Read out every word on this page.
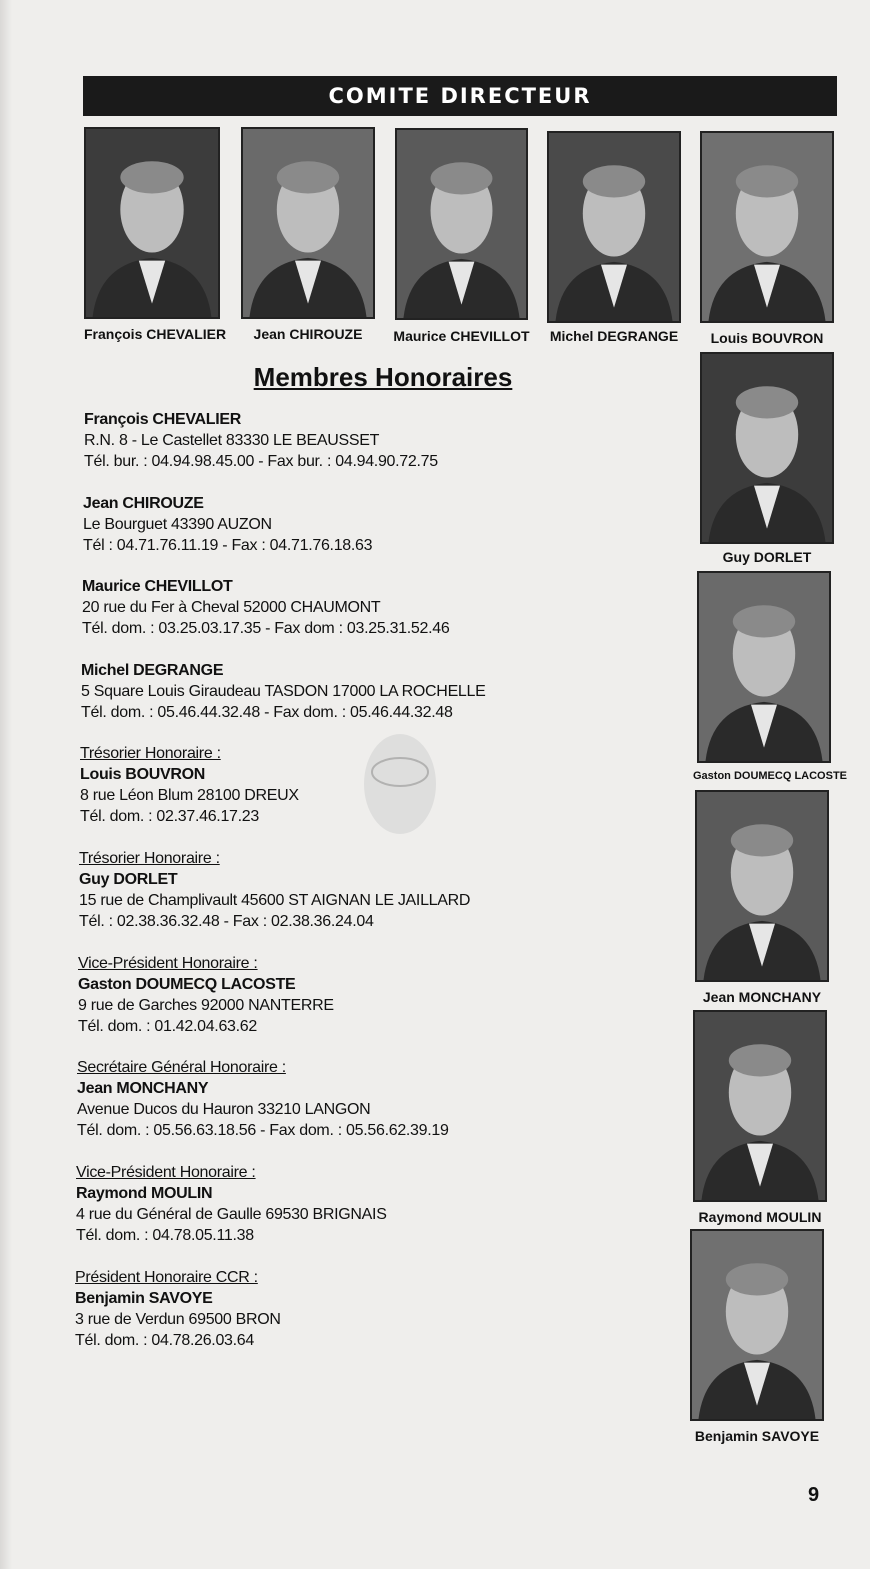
COMITE DIRECTEUR
François CHEVALIER	Jean CHIROUZE	Maurice CHEVILLOT	Michel DEGRANGE	Louis BOUVRON
Guy DORLET
Gaston DOUMECQ LACOSTE
Jean MONCHANY
Raymond MOULIN
Benjamin SAVOYE
Membres Honoraires
François CHEVALIER
R.N. 8 - Le Castellet 83330 LE BEAUSSET
Tél. bur. : 04.94.98.45.00 - Fax bur. : 04.94.90.72.75
Jean CHIROUZE
Le Bourguet 43390 AUZON
Tél : 04.71.76.11.19 - Fax : 04.71.76.18.63
Maurice CHEVILLOT
20 rue du Fer à Cheval 52000 CHAUMONT
Tél. dom. : 03.25.03.17.35 - Fax dom : 03.25.31.52.46
Michel DEGRANGE
5 Square Louis Giraudeau TASDON 17000 LA ROCHELLE
Tél. dom. : 05.46.44.32.48 - Fax dom. : 05.46.44.32.48
Trésorier Honoraire :
Louis BOUVRON
8 rue Léon Blum 28100 DREUX
Tél. dom. : 02.37.46.17.23
Trésorier Honoraire :
Guy DORLET
15 rue de Champlivault 45600 ST AIGNAN LE JAILLARD
Tél. : 02.38.36.32.48 - Fax : 02.38.36.24.04
Vice-Président Honoraire :
Gaston DOUMECQ LACOSTE
9 rue de Garches 92000 NANTERRE
Tél. dom. : 01.42.04.63.62
Secrétaire Général Honoraire :
Jean MONCHANY
Avenue Ducos du Hauron 33210 LANGON
Tél. dom. : 05.56.63.18.56 - Fax dom. : 05.56.62.39.19
Vice-Président Honoraire :
Raymond MOULIN
4 rue du Général de Gaulle 69530 BRIGNAIS
Tél. dom. : 04.78.05.11.38
Président Honoraire CCR :
Benjamin SAVOYE
3 rue de Verdun 69500 BRON
Tél. dom. : 04.78.26.03.64
9
